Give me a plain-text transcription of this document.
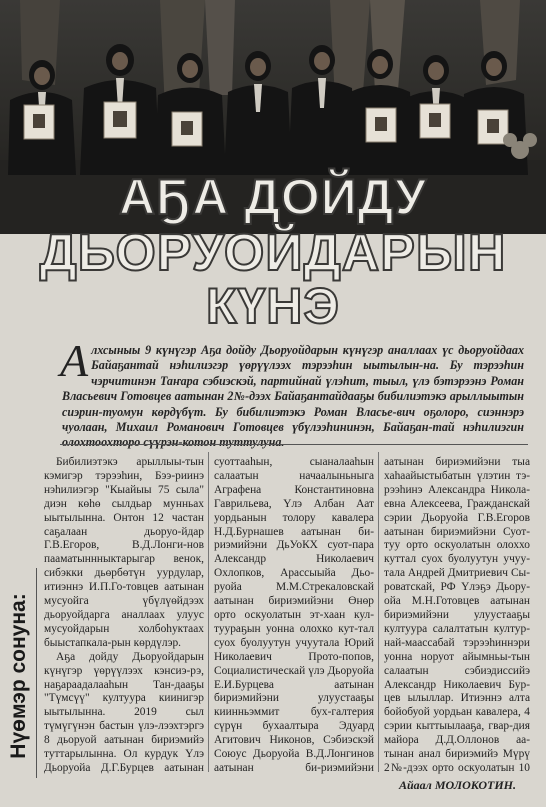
АҔА ДОЙДУ
ДЬОРУОЙДАРЫН
КҮНЭ
Алхсыныы 9 күнүгэр Аҕа дойду Дьоруойдарын күнүгэр аналлаах үс дьоруойдаах Байаҕантай нэһилиэгэр үөрүүлээх тэрээһин ыытылын-на. Бу тэрээһин чэрчитинэн Таҥара сэбиэскэй, партийнай үлэһит, тыыл, үлэ бэтэрээнэ Роман Власьевич Готовцев аатынан 2№-дээх Байаҕантайдааҕы бибилиэтэкэ арыллыытын сиэрин-туомун көрдүбүт. Бу бибилиэтэкэ Роман Власье-вич оҕолоро, сиэннэрэ чуолаан, Михаил Романович Готовцев үбүлээһининэн, Байаҕан-тай нэһилиэгин олохтоохторо сүүрэн-котон туттулуна.
Нүөмэр сонуна:

Бибилиэтэкэ арыллыы-тын кэмигэр тэрээһин, Бээ-риинэ нэһилиэгэр "Кыайыы 75 сыла" диэн көһө сылдьар мунньах ыытылынна. Онтон 12 частан саҕалаан дьоруо-йдар Г.В.Егоров, В.Д.Лонги-нов пааматыннныктарыгар венок, сибэкки дьөрбөтүн уурдулар, итиэннэ И.П.Го-товцев аатынан мусуойга үбүлүөйдээх дьоруойдарга аналлаах улуус мусуойдарын холбоһуктаах быыстапкала-рын көрдүлэр.

Аҕа дойду Дьоруойдарын күнүгэр үөрүүлээх кэнсиэ-рэ, наҕараадалааһын Тан-дааҕы "Түмсүү" култуура киинигэр ыытылынна. 2019 сыл түмүгүнэн бастын үлэ-лээхтэргэ 8 дьоруой аатынан бириэмийэ туттарылынна. Ол курдук Үлэ Дьоруойа Д.Г.Бурцев аатынан

суоттааһын, сыаналааһын салаатын начаалыньныга Агрaфена Константиновна Гаврильева, Үлэ Албан Аат уордьанын толору кавалера Н.Д.Бурнашев аатынан би-риэмийэни ДьУоКХ суот-пара Александр Николаевич Охлопков, Арассыыйа Дьо-руойа М.М.Стрекаловскай аатынан бириэмийэни Өнөр орто оскуолатын эт-хаан кул-туураҕын уонна олохко кут-тал суох буолуутун учуутала Юрий Николаевич Прото-попов, Социалистическай үлэ Дьоруойа Е.И.Бурцева аатынан бириэмийэни улуустааҕы киинньэммит бух-галтерия сүрүн бухаалтыра Эдуард Агитович Никонов, Сэбиэскэй Союус Дьоруойа В.Д.Лонгинов аатынан би-риэмийэни

аатынан бириэмийэни тыа хаһаайыстыбатын үлэтин тэ-рээһинэ Александра Никола-евна Алексеева, Гражданскай сэрии Дьоруойа Г.В.Егоров аатынан бириэмийэни Суот-туу орто оскуолатын олоххо куттал суох буолуутун учуу-тала Андрей Дмитриевич Сы-роватскай, РФ Үлэҕэ Дьору-ойа М.Н.Готовцев аатынан бириэмийэни улуустааҕы култуура салалтатын култур-най-мааcсабай тэрээһиннэри уонна норуот айымньы-тын салаатын сэбиэдиссийэ Александр Николаевич Бур-цев ылыллар. Итиэннэ алта бойобуой уордьан кавалера, 4 сэрии кыттыылааҕа, гвар-дия майора Д.Д.Оллонов аа-тынан анал бириэмийэ Мүрү 2№-дээх орто оскуолатын 10

Айаал МОЛОКОТИН.
